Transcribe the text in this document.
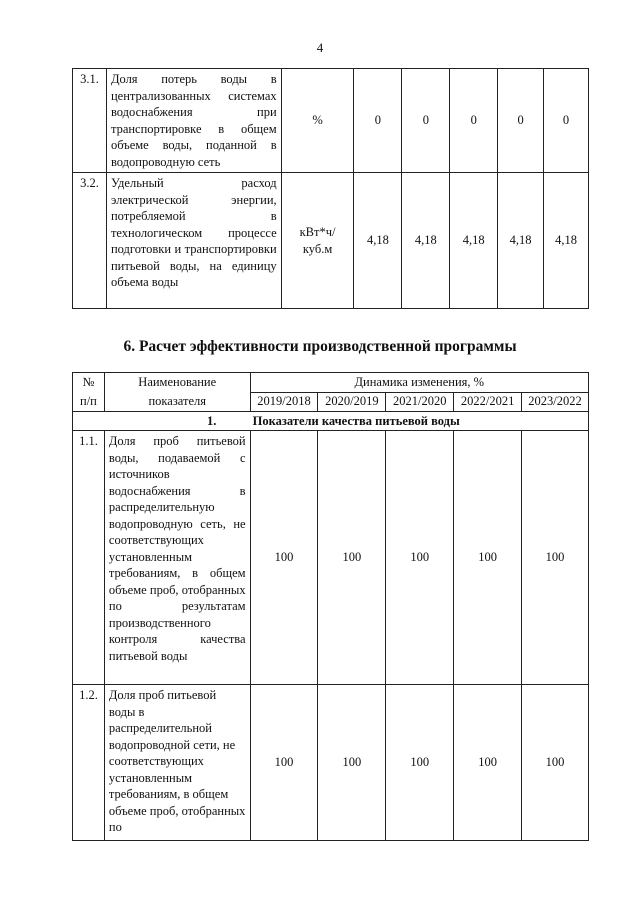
4
3.1.	Доля потерь воды в централизованных системах водоснабжения при транспортировке в общем объеме воды, поданной в водопроводную сеть	%	0	0	0	0	0
3.2.	Удельный расход электрической энергии, потребляемой в технологическом процессе подготовки и транспортировки питьевой воды, на единицу объема воды	кВт*ч/
куб.м	4,18	4,18	4,18	4,18	4,18
6. Расчет эффективности производственной программы
№	Наименование	Динамика изменения, %				
п/п	показателя	2019/2018	2020/2019	2021/2020	2022/2021	2023/2022
1. Показатели качества питьевой воды						
1.1.	Доля проб питьевой воды, подаваемой с источников водоснабжения в распределительную водопроводную сеть, не соответствующих установленным требованиям, в общем объеме проб, отобранных по результатам производственного контроля качества питьевой воды	100	100	100	100	100
1.2.	Доля проб питьевой воды в распределительной водопроводной сети, не соответствующих установленным требованиям, в общем объеме проб, отобранных по	100	100	100	100	100
